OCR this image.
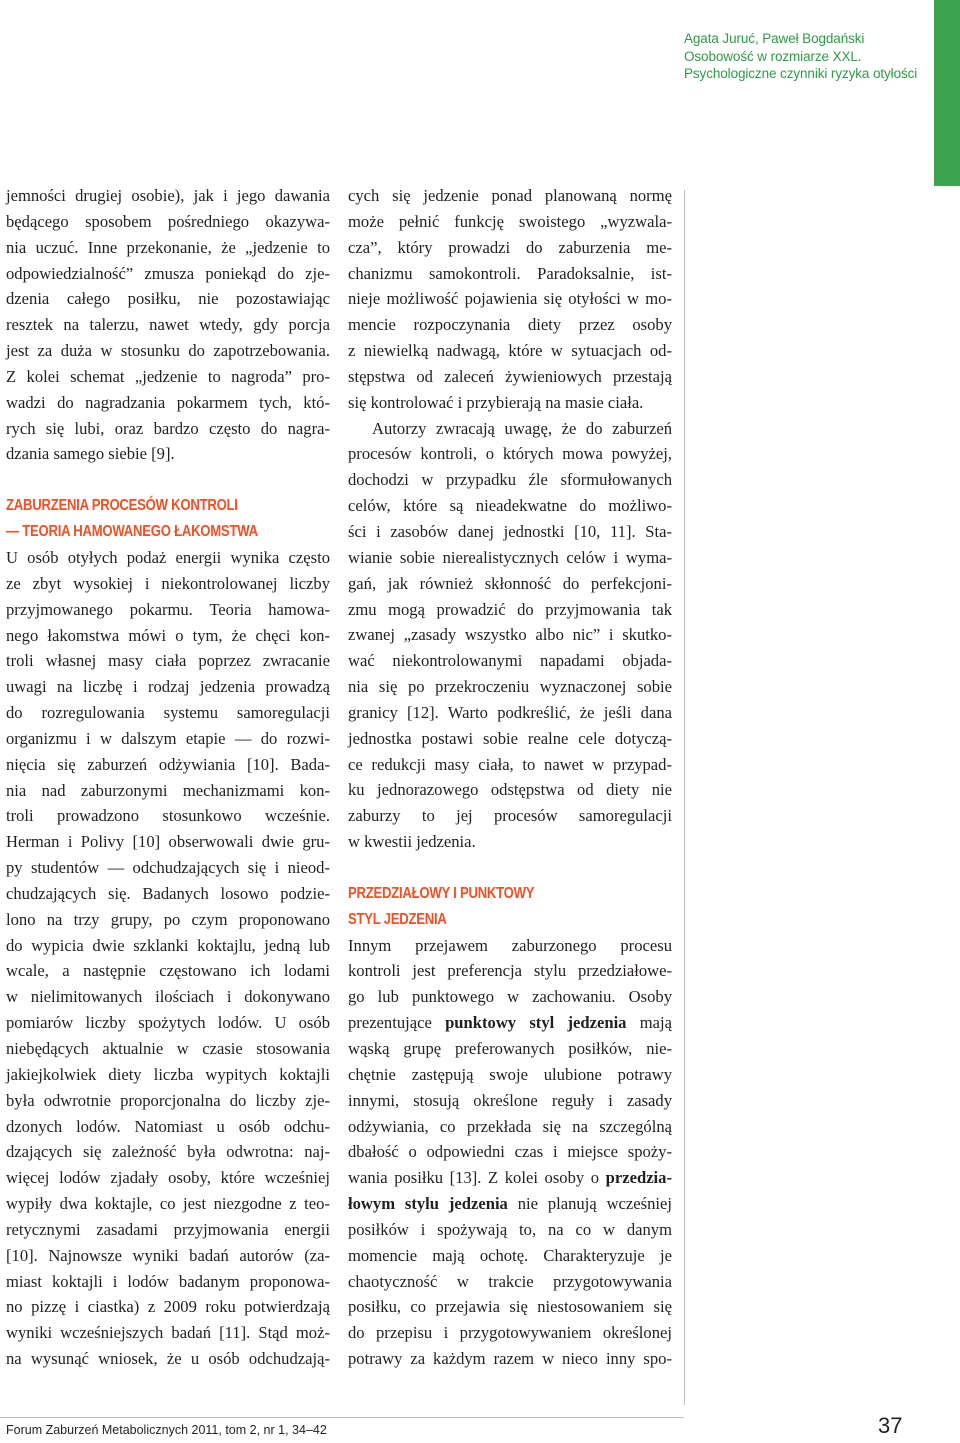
Agata Juruć, Paweł Bogdański
Osobowość w rozmiarze XXL.
Psychologiczne czynniki ryzyka otyłości

jemności drugiej osobie), jak i jego dawania
będącego sposobem pośredniego okazywa-
nia uczuć. Inne przekonanie, że „jedzenie to
odpowiedzialność” zmusza poniekąd do zje-
dzenia całego posiłku, nie pozostawiając
resztek na talerzu, nawet wtedy, gdy porcja
jest za duża w stosunku do zapotrzebowania.
Z kolei schemat „jedzenie to nagroda” pro-
wadzi do nagradzania pokarmem tych, któ-
rych się lubi, oraz bardzo często do nagra-
dzania samego siebie [9].

ZABURZENIA PROCESÓW KONTROLI
— TEORIA HAMOWANEGO ŁAKOMSTWA

U osób otyłych podaż energii wynika często
ze zbyt wysokiej i niekontrolowanej liczby
przyjmowanego pokarmu. Teoria hamowa-
nego łakomstwa mówi o tym, że chęci kon-
troli własnej masy ciała poprzez zwracanie
uwagi na liczbę i rodzaj jedzenia prowadzą
do rozregulowania systemu samoregulacji
organizmu i w dalszym etapie — do rozwi-
nięcia się zaburzeń odżywiania [10]. Bada-
nia nad zaburzonymi mechanizmami kon-
troli prowadzono stosunkowo wcześnie.
Herman i Polivy [10] obserwowali dwie gru-
py studentów — odchudzających się i nieod-
chudzających się. Badanych losowo podzie-
lono na trzy grupy, po czym proponowano
do wypicia dwie szklanki koktajlu, jedną lub
wcale, a następnie częstowano ich lodami
w nielimitowanych ilościach i dokonywano
pomiarów liczby spożytych lodów. U osób
niebędących aktualnie w czasie stosowania
jakiejkolwiek diety liczba wypitych koktajli
była odwrotnie proporcjonalna do liczby zje-
dzonych lodów. Natomiast u osób odchu-
dzających się zależność była odwrotna: naj-
więcej lodów zjadały osoby, które wcześniej
wypiły dwa koktajle, co jest niezgodne z teo-
retycznymi zasadami przyjmowania energii
[10]. Najnowsze wyniki badań autorów (za-
miast koktajli i lodów badanym proponowa-
no pizzę i ciastka) z 2009 roku potwierdzają
wyniki wcześniejszych badań [11]. Stąd moż-
na wysunąć wniosek, że u osób odchudzają-

cych się jedzenie ponad planowaną normę
może pełnić funkcję swoistego „wyzwala-
cza”, który prowadzi do zaburzenia me-
chanizmu samokontroli. Paradoksalnie, ist-
nieje możliwość pojawienia się otyłości w mo-
mencie rozpoczynania diety przez osoby
z niewielką nadwagą, które w sytuacjach od-
stępstwa od zaleceń żywieniowych przestają
się kontrolować i przybierają na masie ciała.

Autorzy zwracają uwagę, że do zaburzeń
procesów kontroli, o których mowa powyżej,
dochodzi w przypadku źle sformułowanych
celów, które są nieadekwatne do możliwo-
ści i zasobów danej jednostki [10, 11]. Sta-
wianie sobie nierealistycznych celów i wyma-
gań, jak również skłonność do perfekcjoni-
zmu mogą prowadzić do przyjmowania tak
zwanej „zasady wszystko albo nic” i skutko-
wać niekontrolowanymi napadami objada-
nia się po przekroczeniu wyznaczonej sobie
granicy [12]. Warto podkreślić, że jeśli dana
jednostka postawi sobie realne cele dotyczą-
ce redukcji masy ciała, to nawet w przypad-
ku jednorazowego odstępstwa od diety nie
zaburzy to jej procesów samoregulacji
w kwestii jedzenia.

PRZEDZIAŁOWY I PUNKTOWY
STYL JEDZENIA

Innym przejawem zaburzonego procesu
kontroli jest preferencja stylu przedziałowe-
go lub punktowego w zachowaniu. Osoby
prezentujące punktowy styl jedzenia mają
wąską grupę preferowanych posiłków, nie-
chętnie zastępują swoje ulubione potrawy
innymi, stosują określone reguły i zasady
odżywiania, co przekłada się na szczególną
dbałość o odpowiedni czas i miejsce spoży-
wania posiłku [13]. Z kolei osoby o przedzia-
łowym stylu jedzenia nie planują wcześniej
posiłków i spożywają to, na co w danym
momencie mają ochotę. Charakteryzuje je
chaotyczność w trakcie przygotowywania
posiłku, co przejawia się niestosowaniem się
do przepisu i przygotowywaniem określonej
potrawy za każdym razem w nieco inny spo-

Forum Zaburzeń Metabolicznych 2011, tom 2, nr 1, 34–42	37
